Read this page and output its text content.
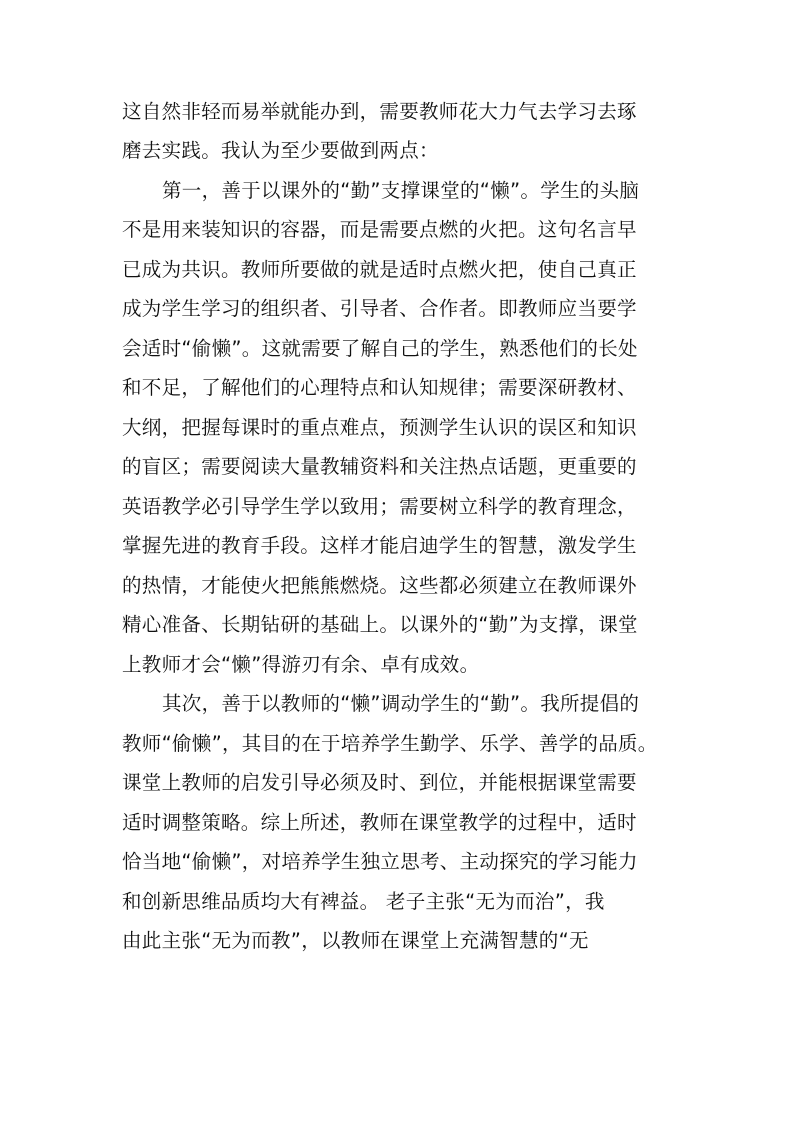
这自然非轻而易举就能办到，需要教师花大力气去学习去琢
磨去实践。我认为至少要做到两点：
第一，善于以课外的“勤”支撑课堂的“懒”。学生的头脑
不是用来装知识的容器，而是需要点燃的火把。这句名言早
已成为共识。教师所要做的就是适时点燃火把，使自己真正
成为学生学习的组织者、引导者、合作者。即教师应当要学
会适时“偷懒”。这就需要了解自己的学生，熟悉他们的长处
和不足，了解他们的心理特点和认知规律；需要深研教材、
大纲，把握每课时的重点难点，预测学生认识的误区和知识
的盲区；需要阅读大量教辅资料和关注热点话题，更重要的
英语教学必引导学生学以致用；需要树立科学的教育理念，
掌握先进的教育手段。这样才能启迪学生的智慧，激发学生
的热情，才能使火把熊熊燃烧。这些都必须建立在教师课外
精心准备、长期钻研的基础上。以课外的“勤”为支撑，课堂
上教师才会“懒”得游刃有余、卓有成效。
其次，善于以教师的“懒”调动学生的“勤”。我所提倡的
教师“偷懒”，其目的在于培养学生勤学、乐学、善学的品质。
课堂上教师的启发引导必须及时、到位，并能根据课堂需要
适时调整策略。综上所述，教师在课堂教学的过程中，适时
恰当地“偷懒”，对培养学生独立思考、主动探究的学习能力
和创新思维品质均大有裨益。 老子主张“无为而治”，我
由此主张“无为而教”，以教师在课堂上充满智慧的“无
